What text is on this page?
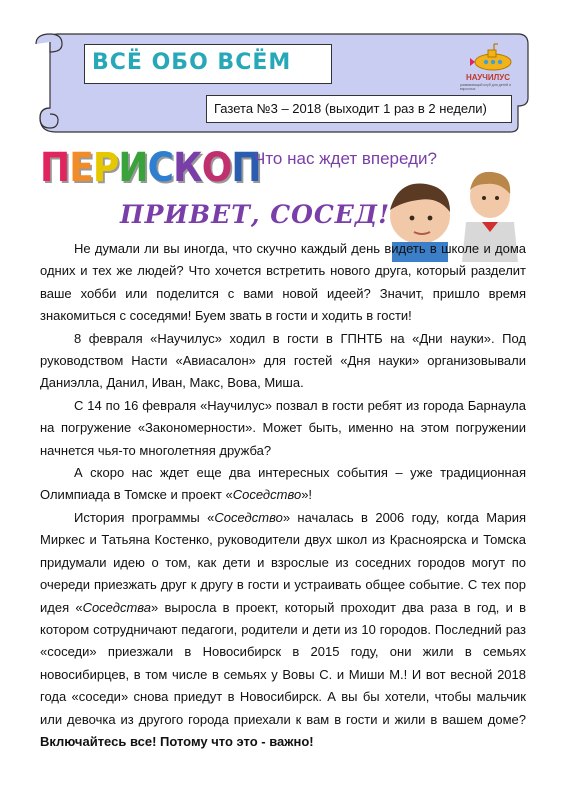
ВСЁ ОБО ВСЁМ
Газета №3 – 2018 (выходит 1 раз в 2 недели)
НАУЧИЛУС
развивающий клуб для детей и взрослых
ПЕРИСКОП
Что нас ждет впереди?
ПРИВЕТ, СОСЕД!

Не думали ли вы иногда, что скучно каждый день видеть в школе и дома одних и тех же людей? Что хочется встретить нового друга, который разделит ваше хобби или поделится с вами новой идеей? Значит, пришло время знакомиться с соседями! Буем звать в гости и ходить в гости!

8 февраля «Научилус» ходил в гости в ГПНТБ на «Дни науки». Под руководством Насти «Авиасалон» для гостей «Дня науки» организовывали Даниэлла, Данил, Иван, Макс, Вова, Миша.

С 14 по 16 февраля «Научилус» позвал в гости ребят из города Барнаула на погружение «Закономерности». Может быть, именно на этом погружении начнется чья-то многолетняя дружба?

А скоро нас ждет еще два интересных события – уже традиционная Олимпиада в Томске и проект «Соседство»!

История программы «Соседство» началась в 2006 году, когда Мария Миркес и Татьяна Костенко, руководители двух школ из Красноярска и Томска придумали идею о том, как дети и взрослые из соседних городов могут по очереди приезжать друг к другу в гости и устраивать общее событие. С тех пор идея «Соседства» выросла в проект, который проходит два раза в год, и в котором сотрудничают педагоги, родители и дети из 10 городов. Последний раз «соседи» приезжали в Новосибирск в 2015 году, они жили в семьях новосибирцев, в том числе в семьях у Вовы С. и Миши М.! И вот весной 2018 года «соседи» снова приедут в Новосибирск. А вы бы хотели, чтобы мальчик или девочка из другого города приехали к вам в гости и жили в вашем доме? Включайтесь все! Потому что это - важно!
